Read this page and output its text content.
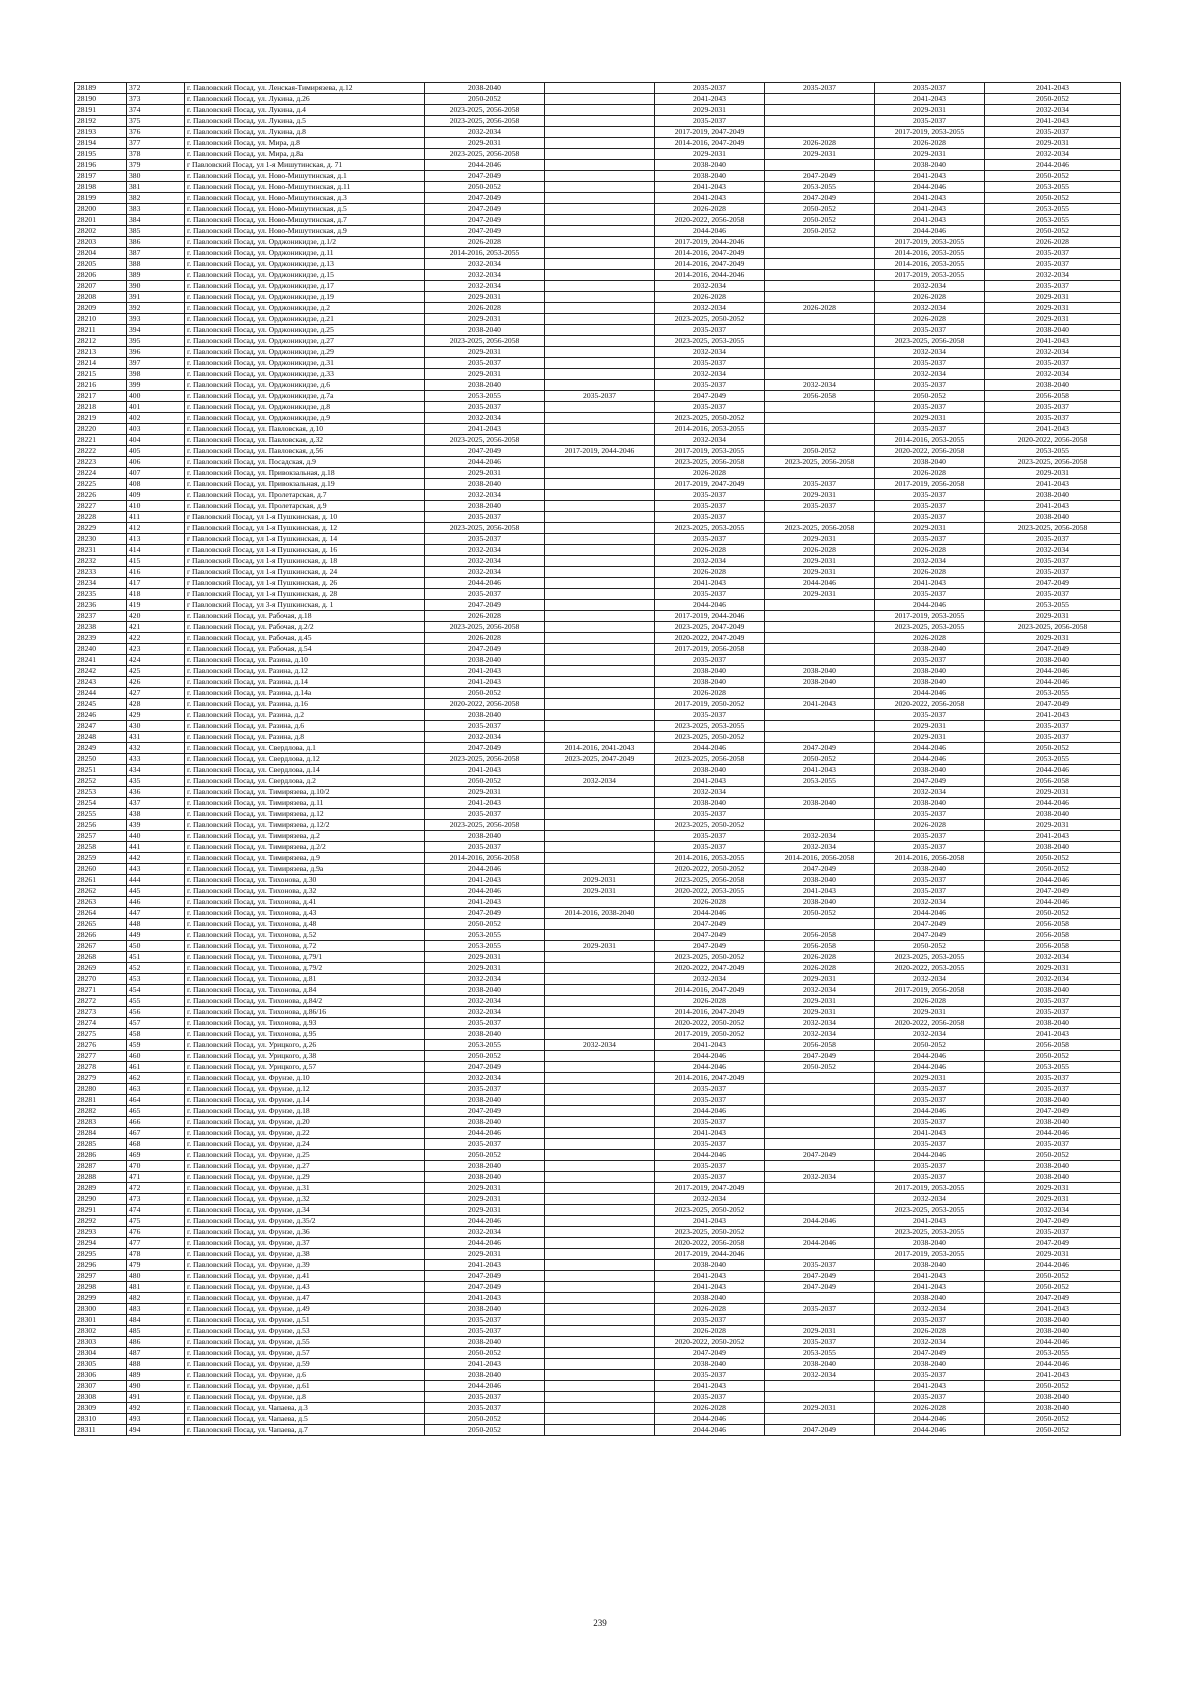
28189	372	г. Павловский Посад, ул. Ленская-Тимирязева, д.12	2038-2040		2035-2037	2035-2037	2035-2037	2041-2043
28190	373	г. Павловский Посад, ул. Лукина, д.26	2050-2052		2041-2043		2041-2043	2050-2052
28191	374	г. Павловский Посад, ул. Лукина, д.4	2023-2025, 2056-2058		2029-2031		2029-2031	2032-2034
28192	375	г. Павловский Посад, ул. Лукина, д.5	2023-2025, 2056-2058		2035-2037		2035-2037	2041-2043
28193	376	г. Павловский Посад, ул. Лукина, д.8	2032-2034		2017-2019, 2047-2049		2017-2019, 2053-2055	2035-2037
28194	377	г. Павловский Посад, ул. Мира, д.8	2029-2031		2014-2016, 2047-2049	2026-2028	2026-2028	2029-2031
28195	378	г. Павловский Посад, ул. Мира, д.8а	2023-2025, 2056-2058		2029-2031	2029-2031	2029-2031	2032-2034
28196	379	г Павловский Посад, ул 1-я Мишутинская, д. 71	2044-2046		2038-2040		2038-2040	2044-2046
28197	380	г. Павловский Посад, ул. Ново-Мишутинская, д.1	2047-2049		2038-2040	2047-2049	2041-2043	2050-2052
28198	381	г. Павловский Посад, ул. Ново-Мишутинская, д.11	2050-2052		2041-2043	2053-2055	2044-2046	2053-2055
28199	382	г. Павловский Посад, ул. Ново-Мишутинская, д.3	2047-2049		2041-2043	2047-2049	2041-2043	2050-2052
28200	383	г. Павловский Посад, ул. Ново-Мишутинская, д.5	2047-2049		2026-2028	2050-2052	2041-2043	2053-2055
28201	384	г. Павловский Посад, ул. Ново-Мишутинская, д.7	2047-2049		2020-2022, 2056-2058	2050-2052	2041-2043	2053-2055
28202	385	г. Павловский Посад, ул. Ново-Мишутинская, д.9	2047-2049		2044-2046	2050-2052	2044-2046	2050-2052
28203	386	г. Павловский Посад, ул. Орджоникидзе, д.1/2	2026-2028		2017-2019, 2044-2046		2017-2019, 2053-2055	2026-2028
28204	387	г. Павловский Посад, ул. Орджоникидзе, д.11	2014-2016, 2053-2055		2014-2016, 2047-2049		2014-2016, 2053-2055	2035-2037
28205	388	г. Павловский Посад, ул. Орджоникидзе, д.13	2032-2034		2014-2016, 2047-2049		2014-2016, 2053-2055	2035-2037
28206	389	г. Павловский Посад, ул. Орджоникидзе, д.15	2032-2034		2014-2016, 2044-2046		2017-2019, 2053-2055	2032-2034
28207	390	г. Павловский Посад, ул. Орджоникидзе, д.17	2032-2034		2032-2034		2032-2034	2035-2037
28208	391	г. Павловский Посад, ул. Орджоникидзе, д.19	2029-2031		2026-2028		2026-2028	2029-2031
28209	392	г. Павловский Посад, ул. Орджоникидзе, д.2	2026-2028		2032-2034	2026-2028	2032-2034	2029-2031
28210	393	г. Павловский Посад, ул. Орджоникидзе, д.21	2029-2031		2023-2025, 2050-2052		2026-2028	2029-2031
28211	394	г. Павловский Посад, ул. Орджоникидзе, д.25	2038-2040		2035-2037		2035-2037	2038-2040
28212	395	г. Павловский Посад, ул. Орджоникидзе, д.27	2023-2025, 2056-2058		2023-2025, 2053-2055		2023-2025, 2056-2058	2041-2043
28213	396	г. Павловский Посад, ул. Орджоникидзе, д.29	2029-2031		2032-2034		2032-2034	2032-2034
28214	397	г. Павловский Посад, ул. Орджоникидзе, д.31	2035-2037		2035-2037		2035-2037	2035-2037
28215	398	г. Павловский Посад, ул. Орджоникидзе, д.33	2029-2031		2032-2034		2032-2034	2032-2034
28216	399	г. Павловский Посад, ул. Орджоникидзе, д.6	2038-2040		2035-2037	2032-2034	2035-2037	2038-2040
28217	400	г. Павловский Посад, ул. Орджоникидзе, д.7а	2053-2055	2035-2037	2047-2049	2056-2058	2050-2052	2056-2058
28218	401	г. Павловский Посад, ул. Орджоникидзе, д.8	2035-2037		2035-2037		2035-2037	2035-2037
28219	402	г. Павловский Посад, ул. Орджоникидзе, д.9	2032-2034		2023-2025, 2050-2052		2029-2031	2035-2037
28220	403	г. Павловский Посад, ул. Павловская, д.10	2041-2043		2014-2016, 2053-2055		2035-2037	2041-2043
28221	404	г. Павловский Посад, ул. Павловская, д.32	2023-2025, 2056-2058		2032-2034		2014-2016, 2053-2055	2020-2022, 2056-2058
28222	405	г. Павловский Посад, ул. Павловская, д.56	2047-2049	2017-2019, 2044-2046	2017-2019, 2053-2055	2050-2052	2020-2022, 2056-2058	2053-2055
28223	406	г. Павловский Посад, ул. Посадская, д.9	2044-2046		2023-2025, 2056-2058	2023-2025, 2056-2058	2038-2040	2023-2025, 2056-2058
28224	407	г. Павловский Посад, ул. Привокзальная, д.18	2029-2031		2026-2028		2026-2028	2029-2031
28225	408	г. Павловский Посад, ул. Привокзальная, д.19	2038-2040		2017-2019, 2047-2049	2035-2037	2017-2019, 2056-2058	2041-2043
28226	409	г. Павловский Посад, ул. Пролетарская, д.7	2032-2034		2035-2037	2029-2031	2035-2037	2038-2040
28227	410	г. Павловский Посад, ул. Пролетарская, д.9	2038-2040		2035-2037	2035-2037	2035-2037	2041-2043
28228	411	г Павловский Посад, ул 1-я Пушкинская, д. 10	2035-2037		2035-2037		2035-2037	2038-2040
28229	412	г Павловский Посад, ул 1-я Пушкинская, д. 12	2023-2025, 2056-2058		2023-2025, 2053-2055	2023-2025, 2056-2058	2029-2031	2023-2025, 2056-2058
28230	413	г Павловский Посад, ул 1-я Пушкинская, д. 14	2035-2037		2035-2037	2029-2031	2035-2037	2035-2037
28231	414	г Павловский Посад, ул 1-я Пушкинская, д. 16	2032-2034		2026-2028	2026-2028	2026-2028	2032-2034
28232	415	г Павловский Посад, ул 1-я Пушкинская, д. 18	2032-2034		2032-2034	2029-2031	2032-2034	2035-2037
28233	416	г Павловский Посад, ул 1-я Пушкинская, д. 24	2032-2034		2026-2028	2029-2031	2026-2028	2035-2037
28234	417	г Павловский Посад, ул 1-я Пушкинская, д. 26	2044-2046		2041-2043	2044-2046	2041-2043	2047-2049
28235	418	г Павловский Посад, ул 1-я Пушкинская, д. 28	2035-2037		2035-2037	2029-2031	2035-2037	2035-2037
28236	419	г Павловский Посад, ул 3-я Пушкинская, д. 1	2047-2049		2044-2046		2044-2046	2053-2055
28237	420	г. Павловский Посад, ул. Рабочая, д.18	2026-2028		2017-2019, 2044-2046		2017-2019, 2053-2055	2029-2031
28238	421	г. Павловский Посад, ул. Рабочая, д.2/2	2023-2025, 2056-2058		2023-2025, 2047-2049		2023-2025, 2053-2055	2023-2025, 2056-2058
28239	422	г. Павловский Посад, ул. Рабочая, д.45	2026-2028		2020-2022, 2047-2049		2026-2028	2029-2031
28240	423	г. Павловский Посад, ул. Рабочая, д.54	2047-2049		2017-2019, 2056-2058		2038-2040	2047-2049
28241	424	г. Павловский Посад, ул. Разина, д.10	2038-2040		2035-2037		2035-2037	2038-2040
28242	425	г. Павловский Посад, ул. Разина, д.12	2041-2043		2038-2040	2038-2040	2038-2040	2044-2046
28243	426	г. Павловский Посад, ул. Разина, д.14	2041-2043		2038-2040	2038-2040	2038-2040	2044-2046
28244	427	г. Павловский Посад, ул. Разина, д.14а	2050-2052		2026-2028		2044-2046	2053-2055
28245	428	г. Павловский Посад, ул. Разина, д.16	2020-2022, 2056-2058		2017-2019, 2050-2052	2041-2043	2020-2022, 2056-2058	2047-2049
28246	429	г. Павловский Посад, ул. Разина, д.2	2038-2040		2035-2037		2035-2037	2041-2043
28247	430	г. Павловский Посад, ул. Разина, д.6	2035-2037		2023-2025, 2053-2055		2029-2031	2035-2037
28248	431	г. Павловский Посад, ул. Разина, д.8	2032-2034		2023-2025, 2050-2052		2029-2031	2035-2037
28249	432	г. Павловский Посад, ул. Свердлова, д.1	2047-2049	2014-2016, 2041-2043	2044-2046	2047-2049	2044-2046	2050-2052
28250	433	г. Павловский Посад, ул. Свердлова, д.12	2023-2025, 2056-2058	2023-2025, 2047-2049	2023-2025, 2056-2058	2050-2052	2044-2046	2053-2055
28251	434	г. Павловский Посад, ул. Свердлова, д.14	2041-2043		2038-2040	2041-2043	2038-2040	2044-2046
28252	435	г. Павловский Посад, ул. Свердлова, д.2	2050-2052	2032-2034	2041-2043	2053-2055	2047-2049	2056-2058
28253	436	г. Павловский Посад, ул. Тимирязева, д.10/2	2029-2031		2032-2034		2032-2034	2029-2031
28254	437	г. Павловский Посад, ул. Тимирязева, д.11	2041-2043		2038-2040	2038-2040	2038-2040	2044-2046
28255	438	г. Павловский Посад, ул. Тимирязева, д.12	2035-2037		2035-2037		2035-2037	2038-2040
28256	439	г. Павловский Посад, ул. Тимирязева, д.12/2	2023-2025, 2056-2058		2023-2025, 2050-2052		2026-2028	2029-2031
28257	440	г. Павловский Посад, ул. Тимирязева, д.2	2038-2040		2035-2037	2032-2034	2035-2037	2041-2043
28258	441	г. Павловский Посад, ул. Тимирязева, д.2/2	2035-2037		2035-2037	2032-2034	2035-2037	2038-2040
28259	442	г. Павловский Посад, ул. Тимирязева, д.9	2014-2016, 2056-2058		2014-2016, 2053-2055	2014-2016, 2056-2058	2014-2016, 2056-2058	2050-2052
28260	443	г. Павловский Посад, ул. Тимирязева, д.9а	2044-2046		2020-2022, 2050-2052	2047-2049	2038-2040	2050-2052
28261	444	г. Павловский Посад, ул. Тихонова, д.30	2041-2043	2029-2031	2023-2025, 2056-2058	2038-2040	2035-2037	2044-2046
28262	445	г. Павловский Посад, ул. Тихонова, д.32	2044-2046	2029-2031	2020-2022, 2053-2055	2041-2043	2035-2037	2047-2049
28263	446	г. Павловский Посад, ул. Тихонова, д.41	2041-2043		2026-2028	2038-2040	2032-2034	2044-2046
28264	447	г. Павловский Посад, ул. Тихонова, д.43	2047-2049	2014-2016, 2038-2040	2044-2046	2050-2052	2044-2046	2050-2052
28265	448	г. Павловский Посад, ул. Тихонова, д.48	2050-2052		2047-2049		2047-2049	2056-2058
28266	449	г. Павловский Посад, ул. Тихонова, д.52	2053-2055		2047-2049	2056-2058	2047-2049	2056-2058
28267	450	г. Павловский Посад, ул. Тихонова, д.72	2053-2055	2029-2031	2047-2049	2056-2058	2050-2052	2056-2058
28268	451	г. Павловский Посад, ул. Тихонова, д.79/1	2029-2031		2023-2025, 2050-2052	2026-2028	2023-2025, 2053-2055	2032-2034
28269	452	г. Павловский Посад, ул. Тихонова, д.79/2	2029-2031		2020-2022, 2047-2049	2026-2028	2020-2022, 2053-2055	2029-2031
28270	453	г. Павловский Посад, ул. Тихонова, д.81	2032-2034		2032-2034	2029-2031	2032-2034	2032-2034
28271	454	г. Павловский Посад, ул. Тихонова, д.84	2038-2040		2014-2016, 2047-2049	2032-2034	2017-2019, 2056-2058	2038-2040
28272	455	г. Павловский Посад, ул. Тихонова, д.84/2	2032-2034		2026-2028	2029-2031	2026-2028	2035-2037
28273	456	г. Павловский Посад, ул. Тихонова, д.86/16	2032-2034		2014-2016, 2047-2049	2029-2031	2029-2031	2035-2037
28274	457	г. Павловский Посад, ул. Тихонова, д.93	2035-2037		2020-2022, 2050-2052	2032-2034	2020-2022, 2056-2058	2038-2040
28275	458	г. Павловский Посад, ул. Тихонова, д.95	2038-2040		2017-2019, 2050-2052	2032-2034	2032-2034	2041-2043
28276	459	г. Павловский Посад, ул. Урицкого, д.26	2053-2055	2032-2034	2041-2043	2056-2058	2050-2052	2056-2058
28277	460	г. Павловский Посад, ул. Урицкого, д.38	2050-2052		2044-2046	2047-2049	2044-2046	2050-2052
28278	461	г. Павловский Посад, ул. Урицкого, д.57	2047-2049		2044-2046	2050-2052	2044-2046	2053-2055
28279	462	г. Павловский Посад, ул. Фрунзе, д.10	2032-2034		2014-2016, 2047-2049		2029-2031	2035-2037
28280	463	г. Павловский Посад, ул. Фрунзе, д.12	2035-2037		2035-2037		2035-2037	2035-2037
28281	464	г. Павловский Посад, ул. Фрунзе, д.14	2038-2040		2035-2037		2035-2037	2038-2040
28282	465	г. Павловский Посад, ул. Фрунзе, д.18	2047-2049		2044-2046		2044-2046	2047-2049
28283	466	г. Павловский Посад, ул. Фрунзе, д.20	2038-2040		2035-2037		2035-2037	2038-2040
28284	467	г. Павловский Посад, ул. Фрунзе, д.22	2044-2046		2041-2043		2041-2043	2044-2046
28285	468	г. Павловский Посад, ул. Фрунзе, д.24	2035-2037		2035-2037		2035-2037	2035-2037
28286	469	г. Павловский Посад, ул. Фрунзе, д.25	2050-2052		2044-2046	2047-2049	2044-2046	2050-2052
28287	470	г. Павловский Посад, ул. Фрунзе, д.27	2038-2040		2035-2037		2035-2037	2038-2040
28288	471	г. Павловский Посад, ул. Фрунзе, д.29	2038-2040		2035-2037	2032-2034	2035-2037	2038-2040
28289	472	г. Павловский Посад, ул. Фрунзе, д.31	2029-2031		2017-2019, 2047-2049		2017-2019, 2053-2055	2029-2031
28290	473	г. Павловский Посад, ул. Фрунзе, д.32	2029-2031		2032-2034		2032-2034	2029-2031
28291	474	г. Павловский Посад, ул. Фрунзе, д.34	2029-2031		2023-2025, 2050-2052		2023-2025, 2053-2055	2032-2034
28292	475	г. Павловский Посад, ул. Фрунзе, д.35/2	2044-2046		2041-2043	2044-2046	2041-2043	2047-2049
28293	476	г. Павловский Посад, ул. Фрунзе, д.36	2032-2034		2023-2025, 2050-2052		2023-2025, 2053-2055	2035-2037
28294	477	г. Павловский Посад, ул. Фрунзе, д.37	2044-2046		2020-2022, 2056-2058	2044-2046	2038-2040	2047-2049
28295	478	г. Павловский Посад, ул. Фрунзе, д.38	2029-2031		2017-2019, 2044-2046		2017-2019, 2053-2055	2029-2031
28296	479	г. Павловский Посад, ул. Фрунзе, д.39	2041-2043		2038-2040	2035-2037	2038-2040	2044-2046
28297	480	г. Павловский Посад, ул. Фрунзе, д.41	2047-2049		2041-2043	2047-2049	2041-2043	2050-2052
28298	481	г. Павловский Посад, ул. Фрунзе, д.43	2047-2049		2041-2043	2047-2049	2041-2043	2050-2052
28299	482	г. Павловский Посад, ул. Фрунзе, д.47	2041-2043		2038-2040		2038-2040	2047-2049
28300	483	г. Павловский Посад, ул. Фрунзе, д.49	2038-2040		2026-2028	2035-2037	2032-2034	2041-2043
28301	484	г. Павловский Посад, ул. Фрунзе, д.51	2035-2037		2035-2037		2035-2037	2038-2040
28302	485	г. Павловский Посад, ул. Фрунзе, д.53	2035-2037		2026-2028	2029-2031	2026-2028	2038-2040
28303	486	г. Павловский Посад, ул. Фрунзе, д.55	2038-2040		2020-2022, 2050-2052	2035-2037	2032-2034	2044-2046
28304	487	г. Павловский Посад, ул. Фрунзе, д.57	2050-2052		2047-2049	2053-2055	2047-2049	2053-2055
28305	488	г. Павловский Посад, ул. Фрунзе, д.59	2041-2043		2038-2040	2038-2040	2038-2040	2044-2046
28306	489	г. Павловский Посад, ул. Фрунзе, д.6	2038-2040		2035-2037	2032-2034	2035-2037	2041-2043
28307	490	г. Павловский Посад, ул. Фрунзе, д.61	2044-2046		2041-2043		2041-2043	2050-2052
28308	491	г. Павловский Посад, ул. Фрунзе, д.8	2035-2037		2035-2037		2035-2037	2038-2040
28309	492	г. Павловский Посад, ул. Чапаева, д.3	2035-2037		2026-2028	2029-2031	2026-2028	2038-2040
28310	493	г. Павловский Посад, ул. Чапаева, д.5	2050-2052		2044-2046		2044-2046	2050-2052
28311	494	г. Павловский Посад, ул. Чапаева, д.7	2050-2052		2044-2046	2047-2049	2044-2046	2050-2052
239
